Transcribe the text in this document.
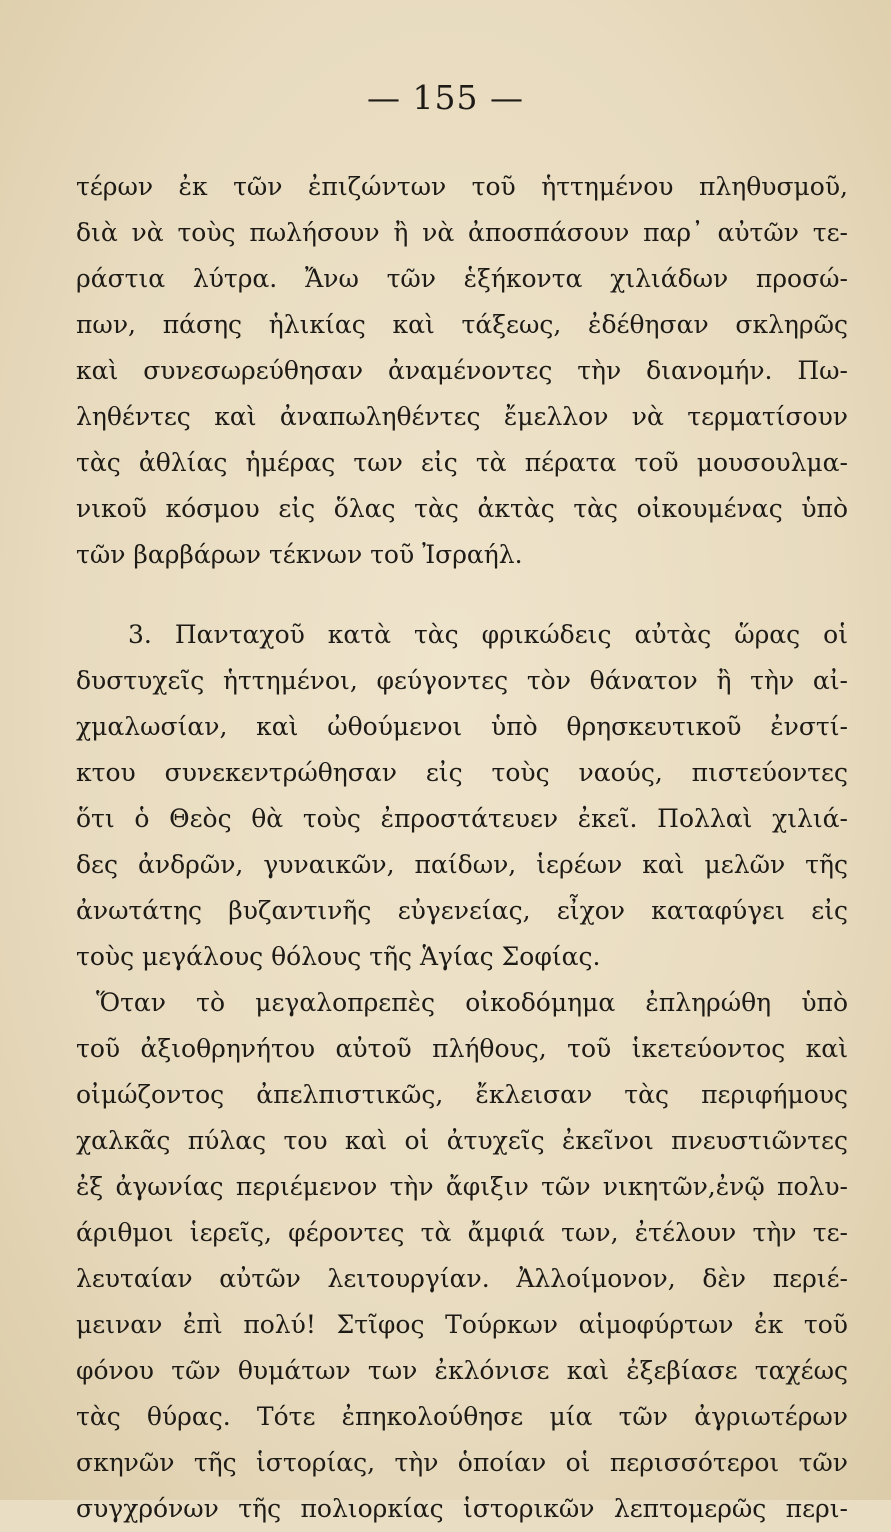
— 155 —
τέρων ἐκ τῶν ἐπιζώντων τοῦ ἡττημένου πληθυσμοῦ,
διὰ νὰ τοὺς πωλήσουν ἢ νὰ ἀποσπάσουν παρ᾽ αὐτῶν τε-
ράστια λύτρα. Ἄνω τῶν ἑξήκοντα χιλιάδων προσώ-
πων, πάσης ἡλικίας καὶ τάξεως, ἐδέθησαν σκληρῶς
καὶ συνεσωρεύθησαν ἀναμένοντες τὴν διανομήν. Πω-
ληθέντες καὶ ἀναπωληθέντες ἔμελλον νὰ τερματίσουν
τὰς ἀθλίας ἡμέρας των εἰς τὰ πέρατα τοῦ μουσουλμα-
νικοῦ κόσμου εἰς ὅλας τὰς ἀκτὰς τὰς οἰκουμένας ὑπὸ
τῶν βαρβάρων τέκνων τοῦ Ἰσραήλ.
3. Πανταχοῦ κατὰ τὰς φρικώδεις αὐτὰς ὥρας οἱ
δυστυχεῖς ἡττημένοι, φεύγοντες τὸν θάνατον ἢ τὴν αἰ-
χμαλωσίαν, καὶ ὠθούμενοι ὑπὸ θρησκευτικοῦ ἐνστί-
κτου συνεκεντρώθησαν εἰς τοὺς ναούς, πιστεύοντες
ὅτι ὁ Θεὸς θὰ τοὺς ἐπροστάτευεν ἐκεῖ. Πολλαὶ χιλιά-
δες ἀνδρῶν, γυναικῶν, παίδων, ἱερέων καὶ μελῶν τῆς
ἀνωτάτης βυζαντινῆς εὐγενείας, εἶχον καταφύγει εἰς
τοὺς μεγάλους θόλους τῆς Ἁγίας Σοφίας.
Ὅταν τὸ μεγαλοπρεπὲς οἰκοδόμημα ἐπληρώθη ὑπὸ
τοῦ ἀξιοθρηνήτου αὐτοῦ πλήθους, τοῦ ἱκετεύοντος καὶ
οἰμώζοντος ἀπελπιστικῶς, ἔκλεισαν τὰς περιφήμους
χαλκᾶς πύλας του καὶ οἱ ἀτυχεῖς ἐκεῖνοι πνευστιῶντες
ἐξ ἀγωνίας περιέμενον τὴν ἄφιξιν τῶν νικητῶν,ἐνῷ πολυ-
άριθμοι ἱερεῖς, φέροντες τὰ ἄμφιά των, ἐτέλουν τὴν τε-
λευταίαν αὐτῶν λειτουργίαν. Ἀλλοίμονον, δὲν περιέ-
μειναν ἐπὶ πολύ! Στῖφος Τούρκων αἱμοφύρτων ἐκ τοῦ
φόνου τῶν θυμάτων των ἐκλόνισε καὶ ἐξεβίασε ταχέως
τὰς θύρας. Τότε ἐπηκολούθησε μία τῶν ἀγριωτέρων
σκηνῶν τῆς ἱστορίας, τὴν ὁποίαν οἱ περισσότεροι τῶν
συγχρόνων τῆς πολιορκίας ἱστορικῶν λεπτομερῶς περι-
